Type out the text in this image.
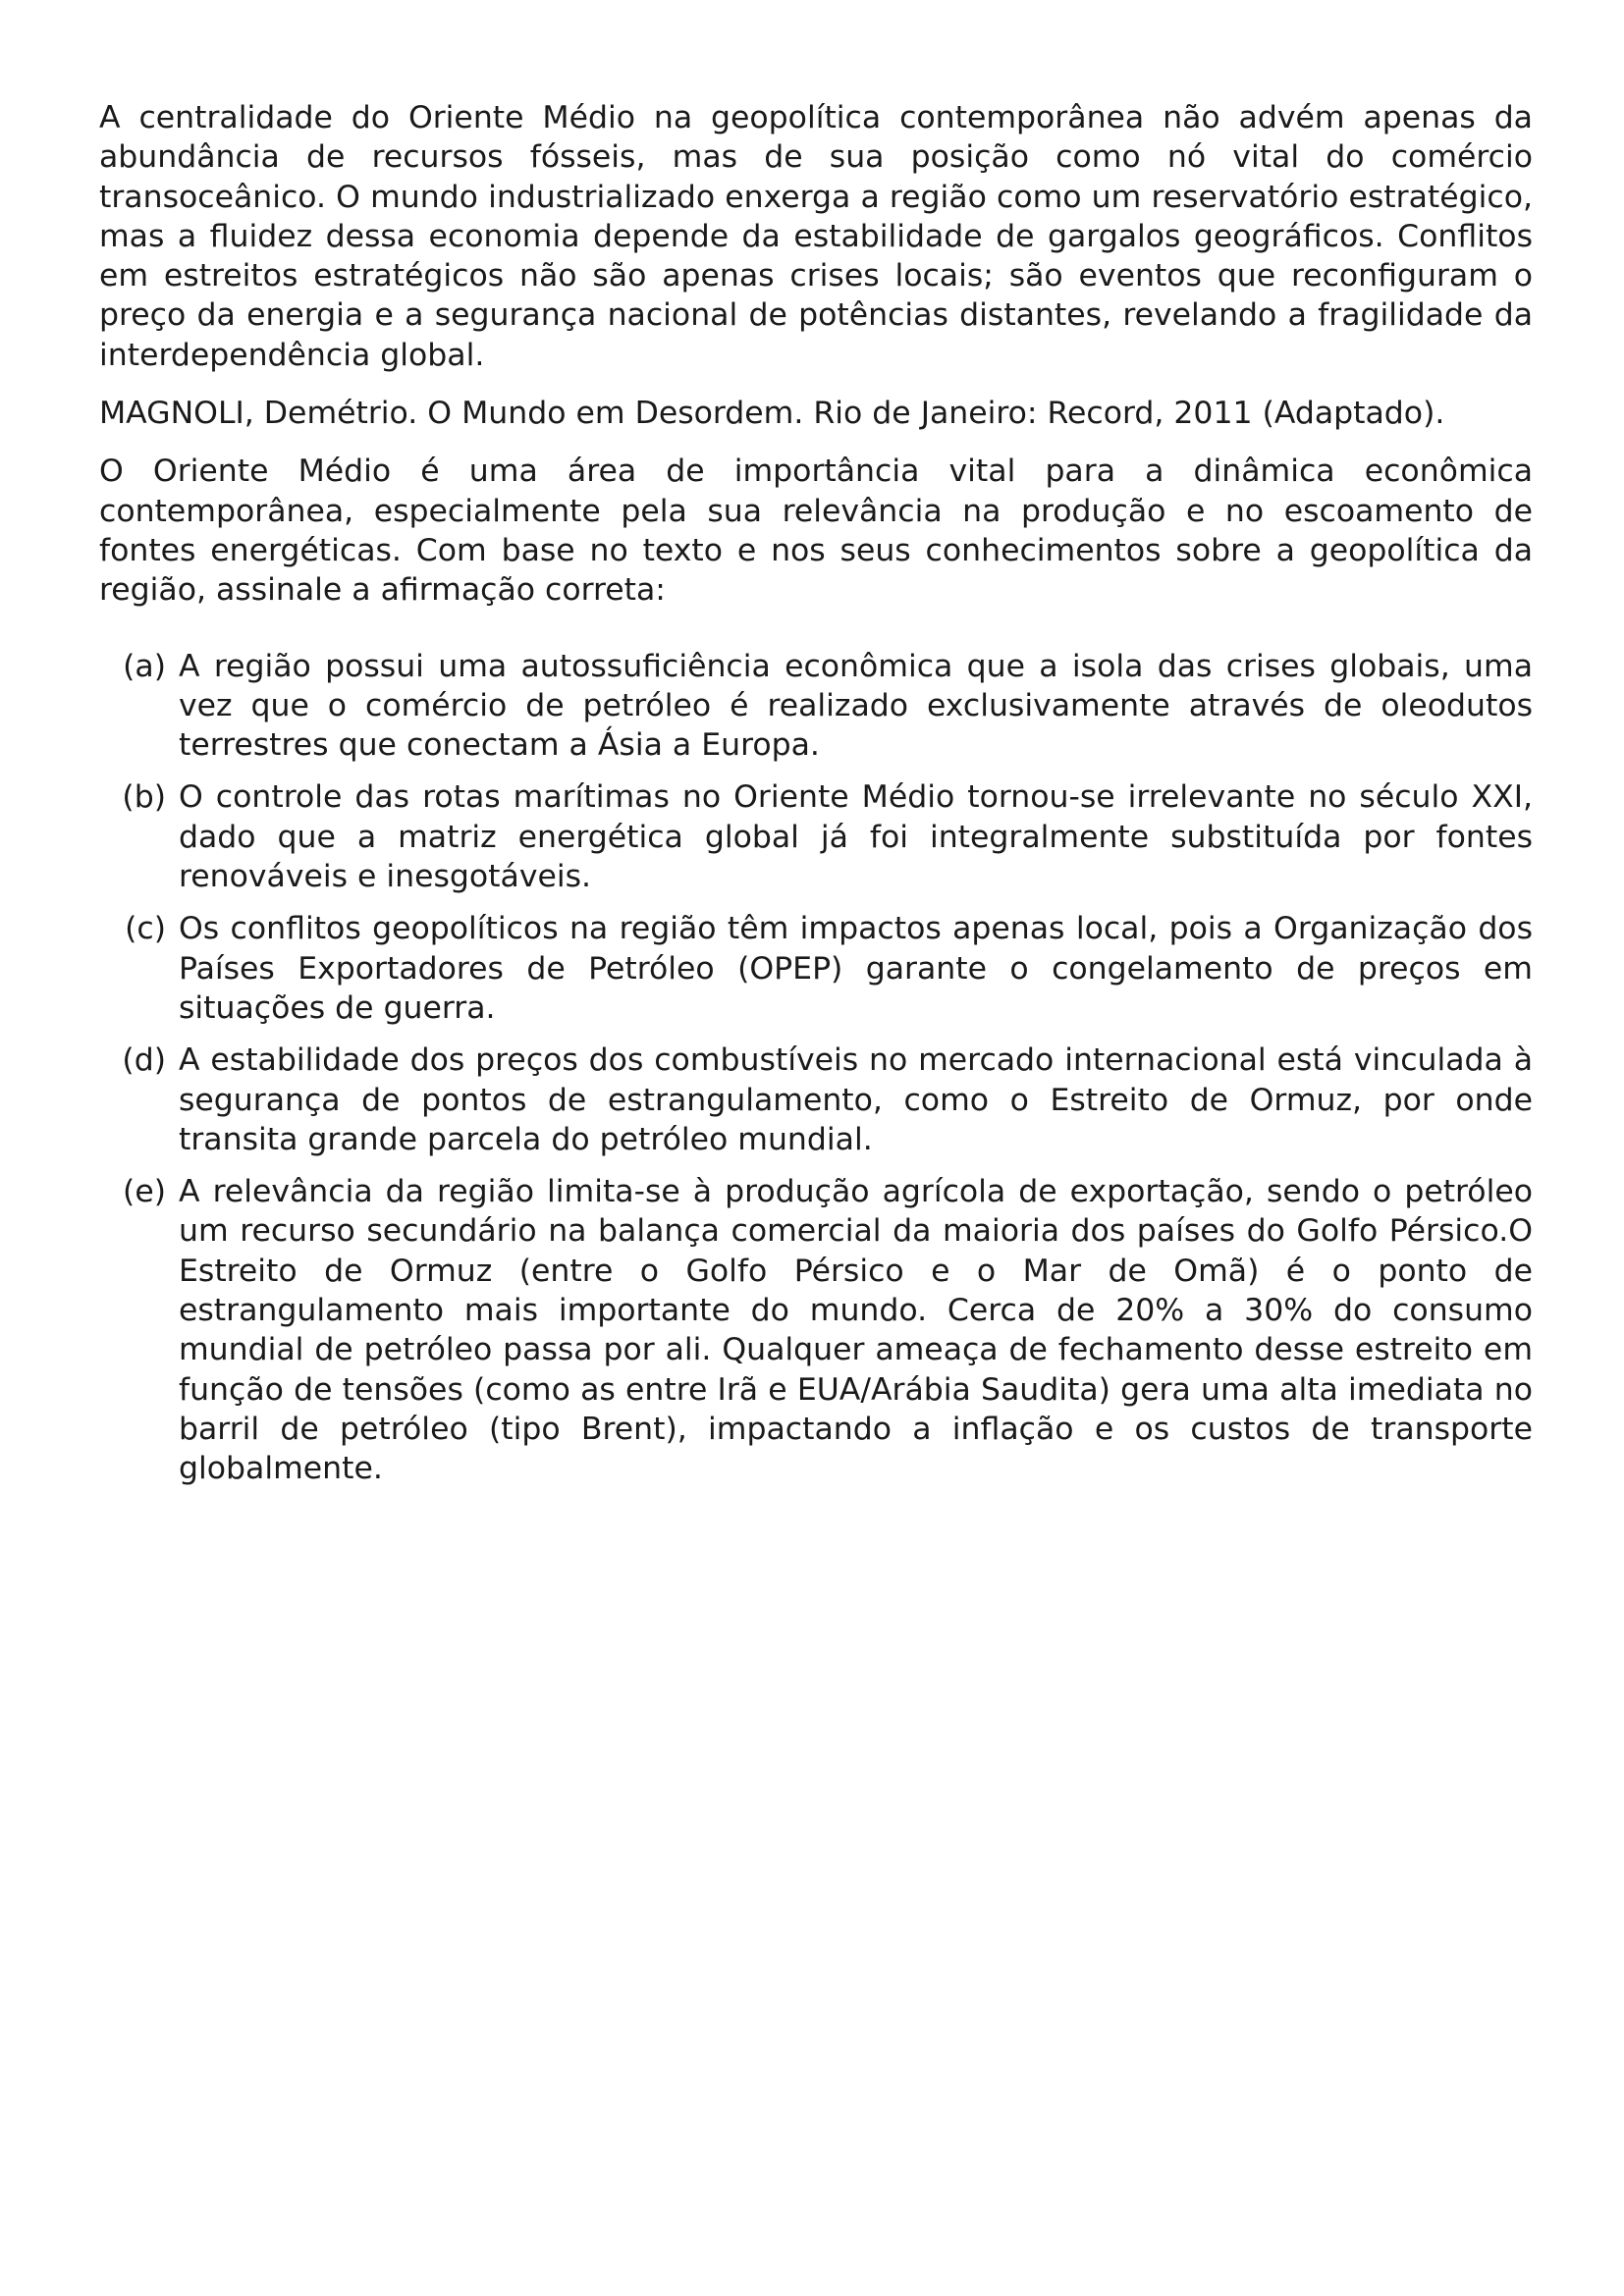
A centralidade do Oriente Médio na geopolítica contemporânea não advém apenas da abundância de recursos fósseis, mas de sua posição como nó vital do comércio transoceânico. O mundo industrializado enxerga a região como um reservatório estratégico, mas a fluidez dessa economia depende da estabilidade de gargalos geográficos. Conflitos em estreitos estratégicos não são apenas crises locais; são eventos que reconfiguram o preço da energia e a segurança nacional de potências distantes, revelando a fragilidade da interdependência global.

MAGNOLI, Demétrio. O Mundo em Desordem. Rio de Janeiro: Record, 2011 (Adaptado).

O Oriente Médio é uma área de importância vital para a dinâmica econômica contemporânea, especialmente pela sua relevância na produção e no escoamento de fontes energéticas. Com base no texto e nos seus conhecimentos sobre a geopolítica da região, assinale a afirmação correta:

(a) A região possui uma autossuficiência econômica que a isola das crises globais, uma vez que o comércio de petróleo é realizado exclusivamente através de oleodutos terrestres que conectam a Ásia a Europa.
(b) O controle das rotas marítimas no Oriente Médio tornou-se irrelevante no século XXI, dado que a matriz energética global já foi integralmente substituída por fontes renováveis e inesgotáveis.
(c) Os conflitos geopolíticos na região têm impactos apenas local, pois a Organização dos Países Exportadores de Petróleo (OPEP) garante o congelamento de preços em situações de guerra.
(d) A estabilidade dos preços dos combustíveis no mercado internacional está vinculada à segurança de pontos de estrangulamento, como o Estreito de Ormuz, por onde transita grande parcela do petróleo mundial.
(e) A relevância da região limita-se à produção agrícola de exportação, sendo o petróleo um recurso secundário na balança comercial da maioria dos países do Golfo Pérsico.O Estreito de Ormuz (entre o Golfo Pérsico e o Mar de Omã) é o ponto de estrangulamento mais importante do mundo. Cerca de 20% a 30% do consumo mundial de petróleo passa por ali. Qualquer ameaça de fechamento desse estreito em função de tensões (como as entre Irã e EUA/Arábia Saudita) gera uma alta imediata no barril de petróleo (tipo Brent), impactando a inflação e os custos de transporte globalmente.
